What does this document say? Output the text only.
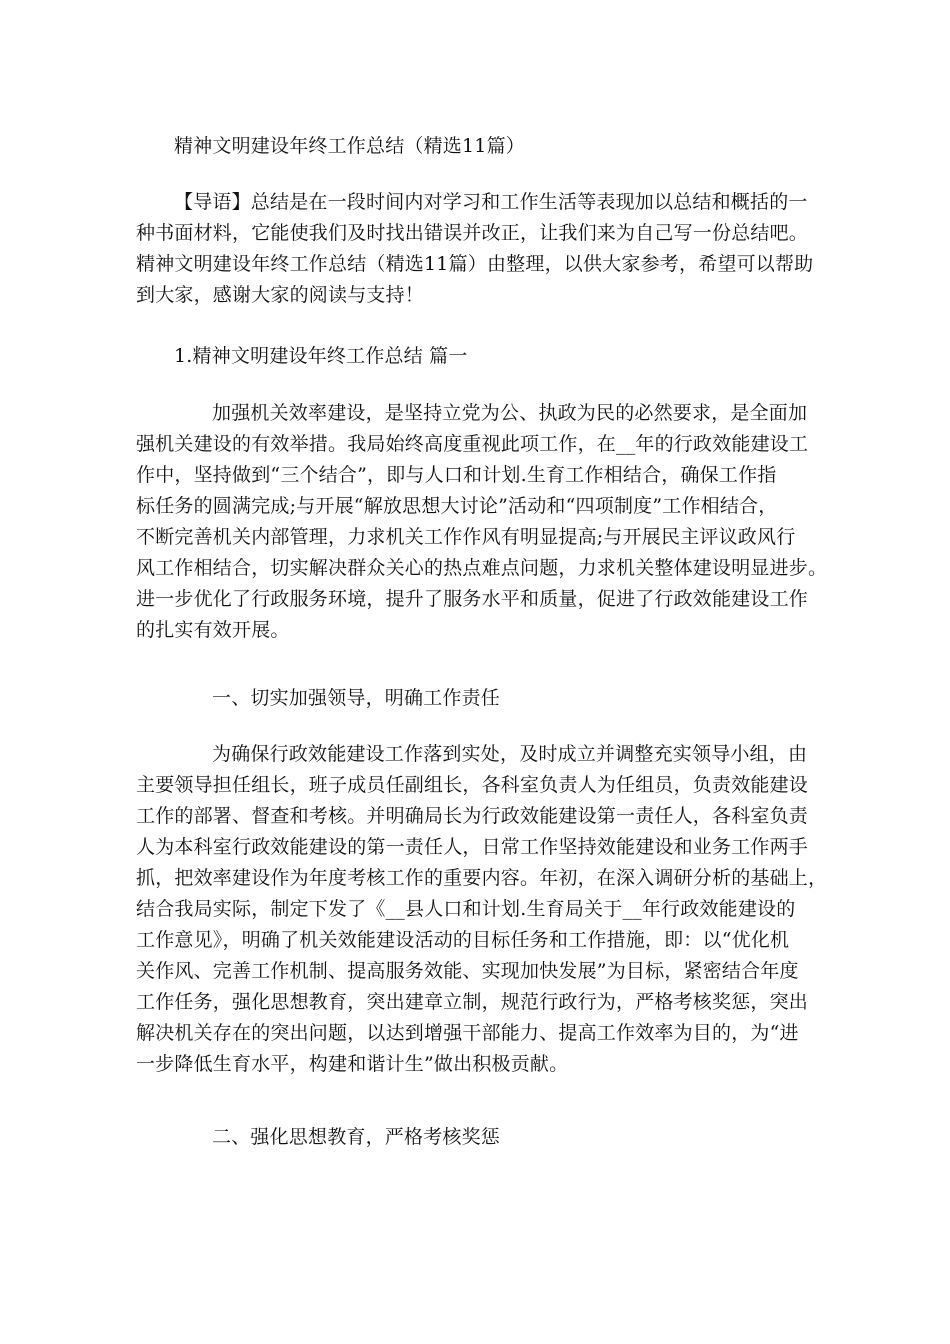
精神文明建设年终工作总结（精选11篇）
【导语】总结是在一段时间内对学习和工作生活等表现加以总结和概括的一
种书面材料，它能使我们及时找出错误并改正，让我们来为自己写一份总结吧。
精神文明建设年终工作总结（精选11篇）由整理，以供大家参考，希望可以帮助
到大家，感谢大家的阅读与支持！
1.精神文明建设年终工作总结 篇一
加强机关效率建设，是坚持立党为公、执政为民的必然要求，是全面加
强机关建设的有效举措。我局始终高度重视此项工作，在__年的行政效能建设工
作中，坚持做到“三个结合”，即与人口和计划.生育工作相结合，确保工作指
标任务的圆满完成;与开展“解放思想大讨论”活动和“四项制度”工作相结合，
不断完善机关内部管理，力求机关工作作风有明显提高;与开展民主评议政风行
风工作相结合，切实解决群众关心的热点难点问题，力求机关整体建设明显进步。
进一步优化了行政服务环境，提升了服务水平和质量，促进了行政效能建设工作
的扎实有效开展。
一、切实加强领导，明确工作责任
为确保行政效能建设工作落到实处，及时成立并调整充实领导小组，由
主要领导担任组长，班子成员任副组长，各科室负责人为任组员，负责效能建设
工作的部署、督查和考核。并明确局长为行政效能建设第一责任人，各科室负责
人为本科室行政效能建设的第一责任人，日常工作坚持效能建设和业务工作两手
抓，把效率建设作为年度考核工作的重要内容。年初，在深入调研分析的基础上，
结合我局实际，制定下发了《__县人口和计划.生育局关于__年行政效能建设的
工作意见》，明确了机关效能建设活动的目标任务和工作措施，即：以“优化机
关作风、完善工作机制、提高服务效能、实现加快发展”为目标，紧密结合年度
工作任务，强化思想教育，突出建章立制，规范行政行为，严格考核奖惩，突出
解决机关存在的突出问题，以达到增强干部能力、提高工作效率为目的，为“进
一步降低生育水平，构建和谐计生”做出积极贡献。
二、强化思想教育，严格考核奖惩
